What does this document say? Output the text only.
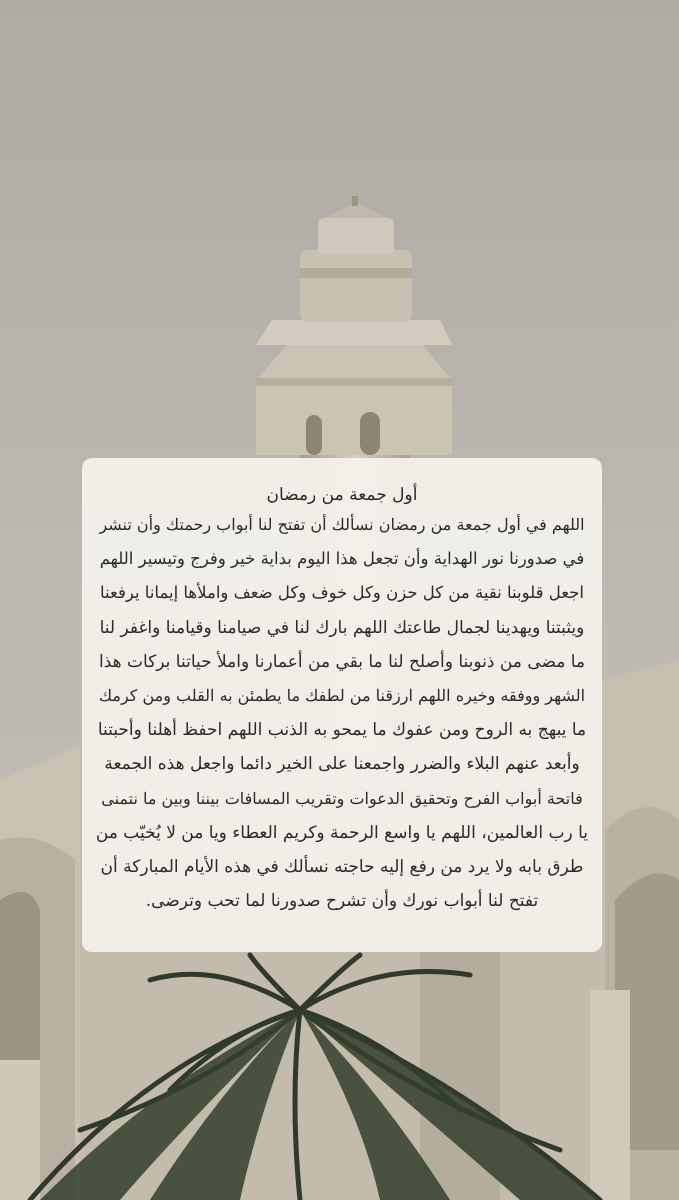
أول جمعة من رمضان

اللهم في أول جمعة من رمضان نسألك أن تفتح لنا أبواب رحمتك وأن تنشر

في صدورنا نور الهداية وأن تجعل هذا اليوم بداية خير وفرج وتيسير اللهم

اجعل قلوبنا نقية من كل حزن وكل خوف وكل ضعف واملأها إيمانا يرفعنا

ويثبتنا ويهدينا لجمال طاعتك اللهم بارك لنا في صيامنا وقيامنا واغفر لنا

ما مضى من ذنوبنا وأصلح لنا ما بقي من أعمارنا واملأ حياتنا بركات هذا

الشهر ووفقه وخيره اللهم ارزقنا من لطفك ما يطمئن به القلب ومن كرمك

ما يبهج به الروح ومن عفوك ما يمحو به الذنب اللهم احفظ أهلنا وأحبتنا

وأبعد عنهم البلاء والضرر واجمعنا على الخير دائما واجعل هذه الجمعة

فاتحة أبواب الفرح وتحقيق الدعوات وتقريب المسافات بيننا وبين ما نتمنى

يا رب العالمين، اللهم يا واسع الرحمة وكريم العطاء ويا من لا يُخيّب من

طرق بابه ولا يرد من رفع إليه حاجته نسألك في هذه الأيام المباركة أن

تفتح لنا أبواب نورك وأن تشرح صدورنا لما تحب وترضى.
